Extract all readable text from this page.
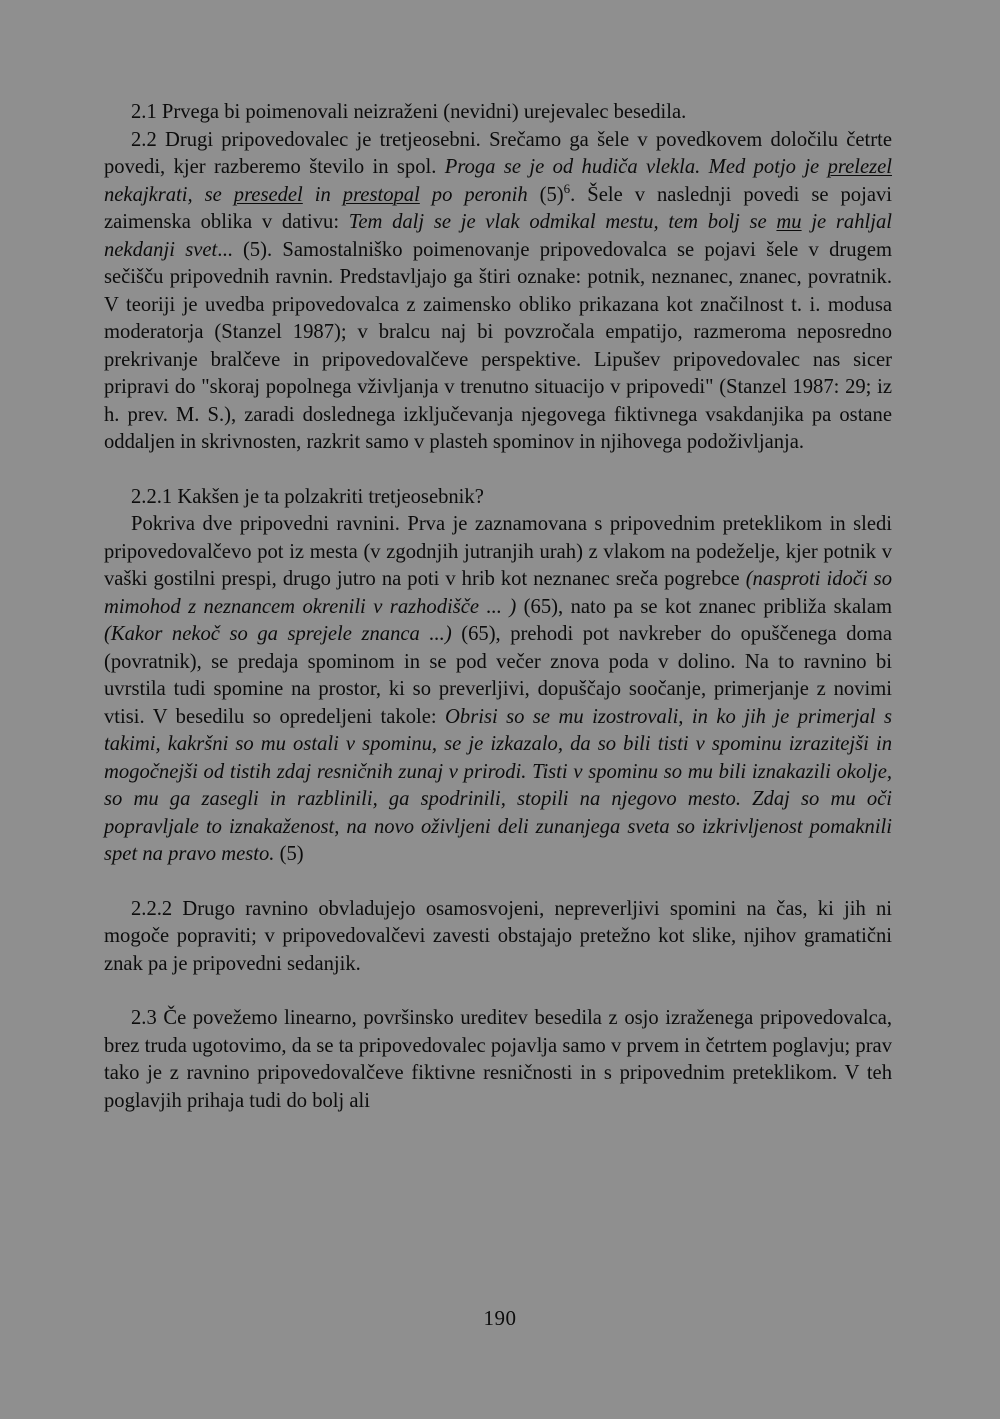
2.1 Prvega bi poimenovali neizraženi (nevidni) urejevalec besedila.

2.2 Drugi pripovedovalec je tretjeosebni. Srečamo ga šele v povedkovem določilu četrte povedi, kjer razberemo število in spol. Proga se je od hudiča vlekla. Med potjo je prelezel nekajkrati, se presedel in prestopal po peronih $(5)^6$. Šele v naslednji povedi se pojavi zaimenska oblika v dativu: Tem dalj se je vlak odmikal mestu, tem bolj se mu je rahljal nekdanji svet... (5). Samostalniško poimenovanje pripovedovalca se pojavi šele v drugem sečišču pripovednih ravnin. Predstavljajo ga štiri oznake: potnik, neznanec, znanec, povratnik. V teoriji je uvedba pripovedovalca z zaimensko obliko prikazana kot značilnost t. i. modusa moderatorja (Stanzel 1987); v bralcu naj bi povzročala empatijo, razmeroma neposredno prekrivanje bralčeve in pripovedovalčeve perspektive. Lipušev pripovedovalec nas sicer pripravi do "skoraj popolnega vživljanja v trenutno situacijo v pripovedi" (Stanzel 1987: 29; iz h. prev. M. S.), zaradi doslednega izključevanja njegovega fiktivnega vsakdanjika pa ostane oddaljen in skrivnosten, razkrit samo v plasteh spominov in njihovega podoživljanja.

2.2.1 Kakšen je ta polzakriti tretjeosebnik?

Pokriva dve pripovedni ravnini. Prva je zaznamovana s pripovednim preteklikom in sledi pripovedovalčevo pot iz mesta (v zgodnjih jutranjih urah) z vlakom na podeželje, kjer potnik v vaški gostilni prespi, drugo jutro na poti v hrib kot neznanec sreča pogrebce (nasproti idoči so mimohod z neznancem okrenili v razhodišče ... ) (65), nato pa se kot znanec približa skalam (Kakor nekoč so ga sprejele znanca ...) (65), prehodi pot navkreber do opuščenega doma (povratnik), se predaja spominom in se pod večer znova poda v dolino. Na to ravnino bi uvrstila tudi spomine na prostor, ki so preverljivi, dopuščajo soočanje, primerjanje z novimi vtisi. V besedilu so opredeljeni takole: Obrisi so se mu izostrovali, in ko jih je primerjal s takimi, kakršni so mu ostali v spominu, se je izkazalo, da so bili tisti v spominu izrazitejši in mogočnejši od tistih zdaj resničnih zunaj v prirodi. Tisti v spominu so mu bili iznakazili okolje, so mu ga zasegli in razblinili, ga spodrinili, stopili na njegovo mesto. Zdaj so mu oči popravljale to iznakaženost, na novo oživljeni deli zunanjega sveta so izkrivljenost pomaknili spet na pravo mesto. (5)

2.2.2 Drugo ravnino obvladujejo osamosvojeni, nepreverljivi spomini na čas, ki jih ni mogoče popraviti; v pripovedovalčevi zavesti obstajajo pretežno kot slike, njihov gramatični znak pa je pripovedni sedanjik.

2.3 Če povežemo linearno, površinsko ureditev besedila z osjo izraženega pripovedovalca, brez truda ugotovimo, da se ta pripovedovalec pojavlja samo v prvem in četrtem poglavju; prav tako je z ravnino pripovedovalčeve fiktivne resničnosti in s pripovednim preteklikom. V teh poglavjih prihaja tudi do bolj ali

190
